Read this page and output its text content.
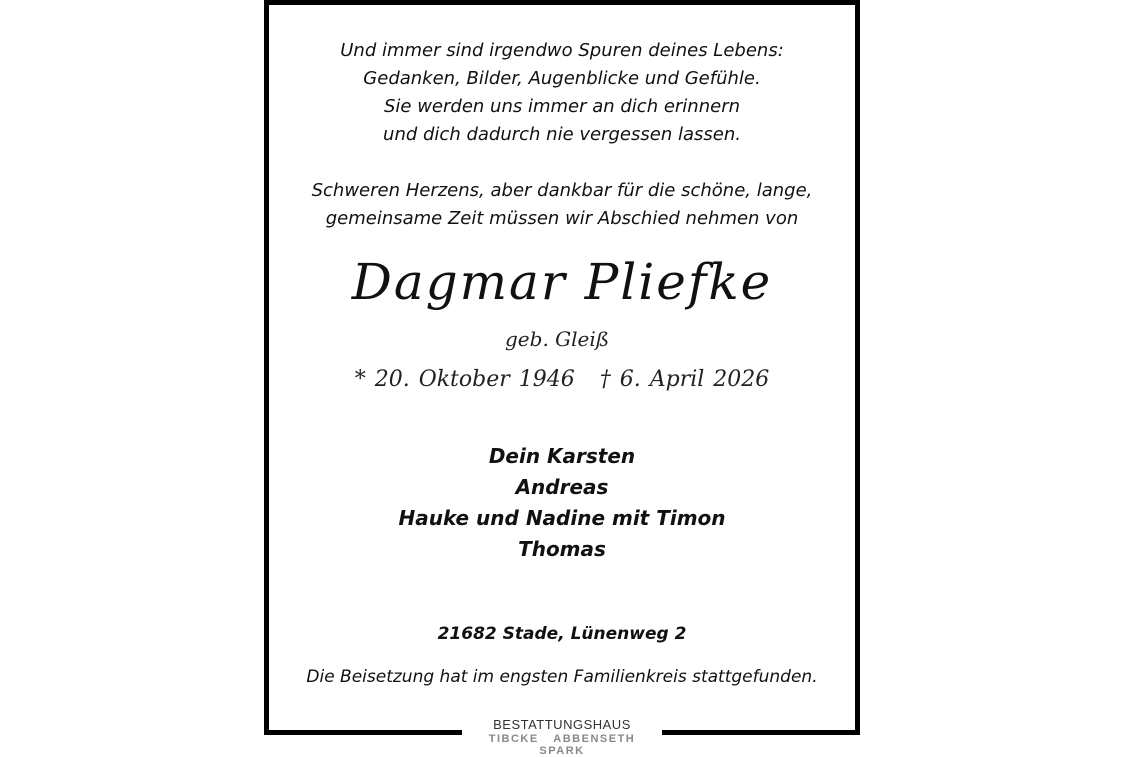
Und immer sind irgendwo Spuren deines Lebens:
Gedanken, Bilder, Augenblicke und Gefühle.
Sie werden uns immer an dich erinnern
und dich dadurch nie vergessen lassen.
Schweren Herzens, aber dankbar für die schöne, lange,
gemeinsame Zeit müssen wir Abschied nehmen von
Dagmar Pliefke
geb. Gleiß
* 20. Oktober 1946 † 6. April 2026
Dein Karsten
Andreas
Hauke und Nadine mit Timon
Thomas
21682 Stade, Lünenweg 2
Die Beisetzung hat im engsten Familienkreis stattgefunden.
BESTATTUNGSHAUS
TIBCKE ABBENSETH SPARK
